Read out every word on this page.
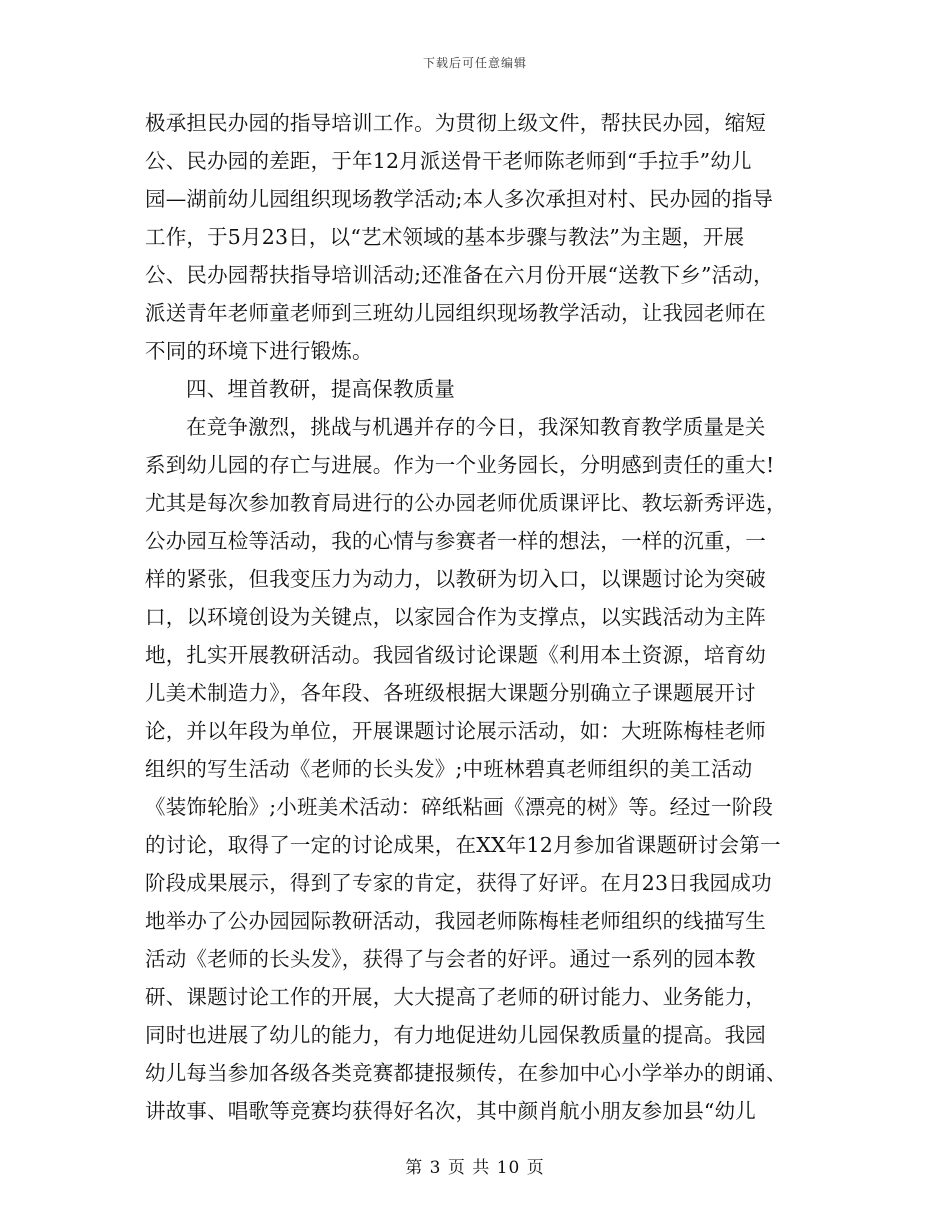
下载后可任意编辑
极承担民办园的指导培训工作。为贯彻上级文件，帮扶民办园，缩短
公、民办园的差距，于年12月派送骨干老师陈老师到“手拉手”幼儿
园—湖前幼儿园组织现场教学活动;本人多次承担对村、民办园的指导
工作，于5月23日，以“艺术领域的基本步骤与教法”为主题，开展
公、民办园帮扶指导培训活动;还准备在六月份开展“送教下乡”活动，
派送青年老师童老师到三班幼儿园组织现场教学活动，让我园老师在
不同的环境下进行锻炼。
四、埋首教研，提高保教质量
在竞争激烈，挑战与机遇并存的今日，我深知教育教学质量是关
系到幼儿园的存亡与进展。作为一个业务园长，分明感到责任的重大!
尤其是每次参加教育局进行的公办园老师优质课评比、教坛新秀评选，
公办园互检等活动，我的心情与参赛者一样的想法，一样的沉重，一
样的紧张，但我变压力为动力，以教研为切入口，以课题讨论为突破
口，以环境创设为关键点，以家园合作为支撑点，以实践活动为主阵
地，扎实开展教研活动。我园省级讨论课题《利用本土资源，培育幼
儿美术制造力》，各年段、各班级根据大课题分别确立子课题展开讨
论，并以年段为单位，开展课题讨论展示活动，如：大班陈梅桂老师
组织的写生活动《老师的长头发》;中班林碧真老师组织的美工活动
《装饰轮胎》;小班美术活动：碎纸粘画《漂亮的树》等。经过一阶段
的讨论，取得了一定的讨论成果，在XX年12月参加省课题研讨会第一
阶段成果展示，得到了专家的肯定，获得了好评。在月23日我园成功
地举办了公办园园际教研活动，我园老师陈梅桂老师组织的线描写生
活动《老师的长头发》，获得了与会者的好评。通过一系列的园本教
研、课题讨论工作的开展，大大提高了老师的研讨能力、业务能力，
同时也进展了幼儿的能力，有力地促进幼儿园保教质量的提高。我园
幼儿每当参加各级各类竞赛都捷报频传，在参加中心小学举办的朗诵、
讲故事、唱歌等竞赛均获得好名次，其中颜肖航小朋友参加县“幼儿
第 3 页 共 10 页
